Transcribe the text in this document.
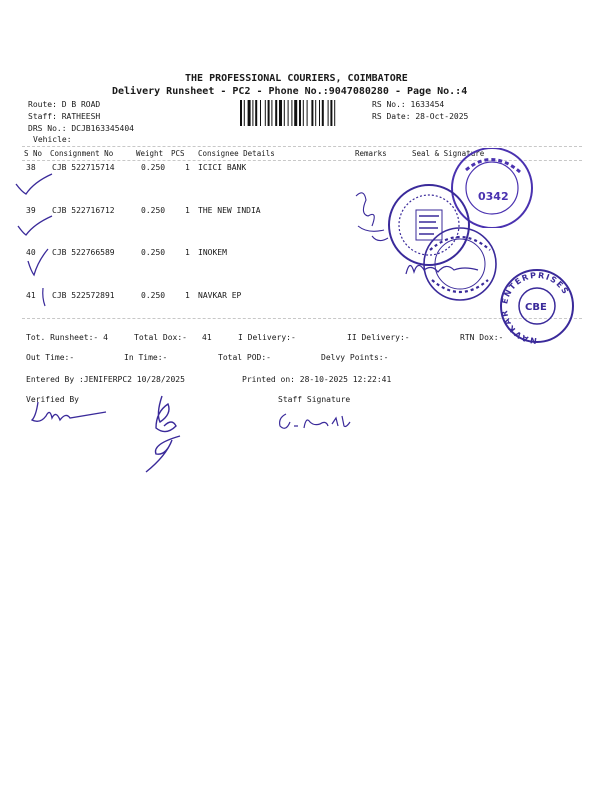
THE PROFESSIONAL COURIERS, COIMBATORE
Delivery Runsheet - PC2 - Phone No.:9047080280 - Page No.:4
Route: D B ROAD
Staff: RATHEESH
DRS No.: DCJB163345404
Vehicle:
RS No.: 1633454
RS Date: 28-Oct-2025
S No Consignment No	Weight PCS Consignee Details	Remarks	Seal & Signature
38 CJB 522715714	0.250 1 ICICI BANK
39 CJB 522716712	0.250 1 THE NEW INDIA
40 CJB 522766589	0.250 1 INOKEM
41 CJB 522572891	0.250 1 NAVKAR EP
Tot. Runsheet:- 4	Total Dox:- 41	I Delivery:-	II Delivery:-	RTN Dox:-
Out Time:-	In Time:-	Total POD:-	Delvy Points:-
Entered By :JENIFERPC2 10/28/2025	Printed on: 28-10-2025 12:22:41
Verified By	Staff Signature
0342
NAVKAR ENTERPRISES
CBE
